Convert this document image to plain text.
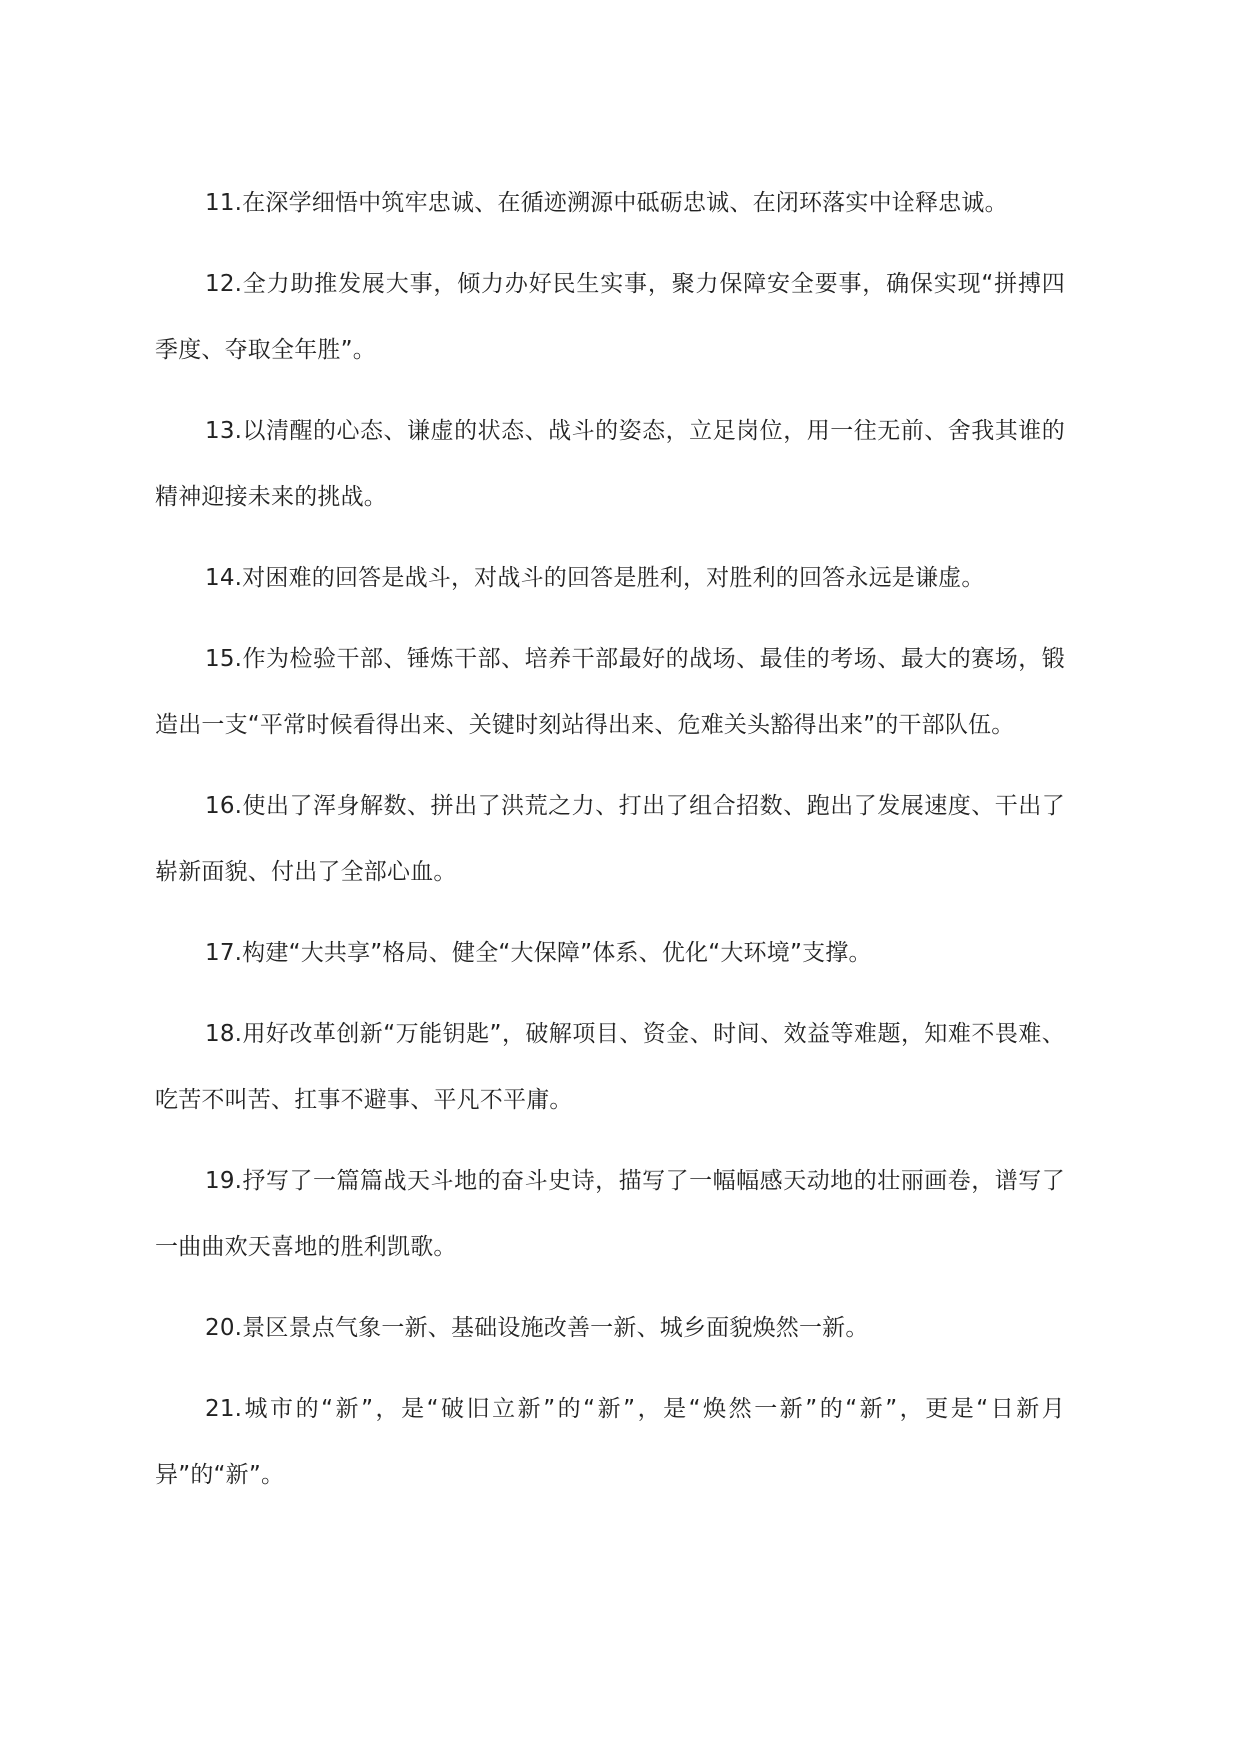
11.在深学细悟中筑牢忠诚、在循迹溯源中砥砺忠诚、在闭环落实中诠释忠诚。

12.全力助推发展大事，倾力办好民生实事，聚力保障安全要事，确保实现“拼搏四季度、夺取全年胜”。

13.以清醒的心态、谦虚的状态、战斗的姿态，立足岗位，用一往无前、舍我其谁的精神迎接未来的挑战。

14.对困难的回答是战斗，对战斗的回答是胜利，对胜利的回答永远是谦虚。

15.作为检验干部、锤炼干部、培养干部最好的战场、最佳的考场、最大的赛场，锻造出一支“平常时候看得出来、关键时刻站得出来、危难关头豁得出来”的干部队伍。

16.使出了浑身解数、拼出了洪荒之力、打出了组合招数、跑出了发展速度、干出了崭新面貌、付出了全部心血。

17.构建“大共享”格局、健全“大保障”体系、优化“大环境”支撑。

18.用好改革创新“万能钥匙”，破解项目、资金、时间、效益等难题，知难不畏难、吃苦不叫苦、扛事不避事、平凡不平庸。

19.抒写了一篇篇战天斗地的奋斗史诗，描写了一幅幅感天动地的壮丽画卷，谱写了一曲曲欢天喜地的胜利凯歌。

20.景区景点气象一新、基础设施改善一新、城乡面貌焕然一新。

21.城市的“新”，是“破旧立新”的“新”，是“焕然一新”的“新”，更是“日新月异”的“新”。
